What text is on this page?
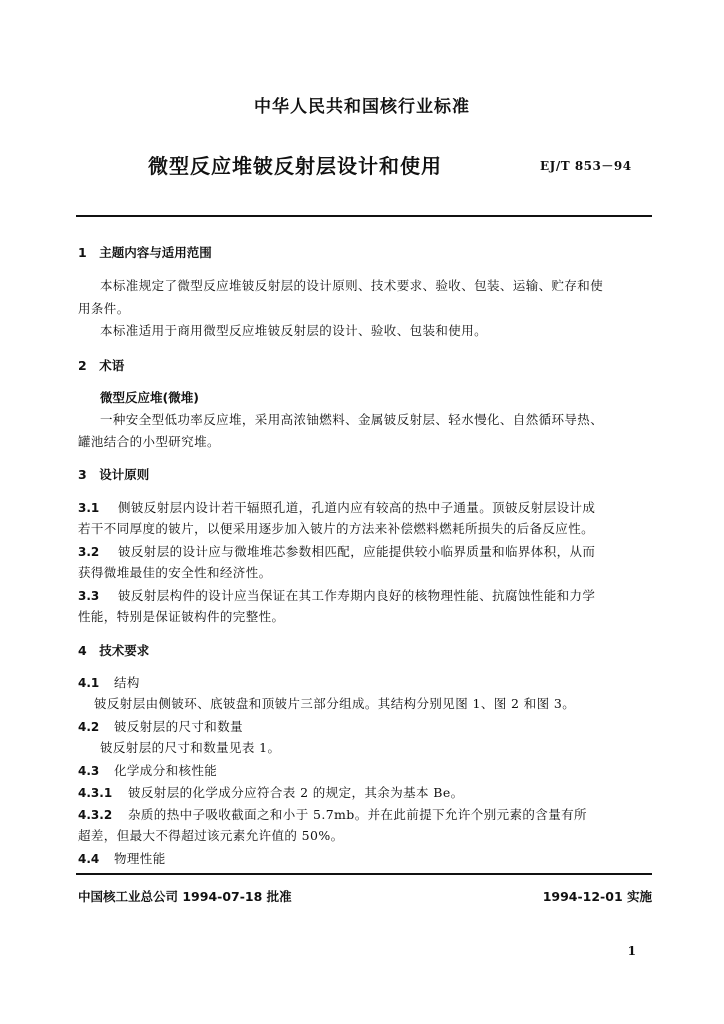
中华人民共和国核行业标准
微型反应堆铍反射层设计和使用	EJ/T 853－94
1　主题内容与适用范围
本标准规定了微型反应堆铍反射层的设计原则、技术要求、验收、包装、运输、贮存和使
用条件。
本标准适用于商用微型反应堆铍反射层的设计、验收、包装和使用。
2　术语
微型反应堆(微堆)
一种安全型低功率反应堆，采用高浓铀燃料、金属铍反射层、轻水慢化、自然循环导热、
罐池结合的小型研究堆。
3　设计原则
3.1 侧铍反射层内设计若干辐照孔道，孔道内应有较高的热中子通量。顶铍反射层设计成
若干不同厚度的铍片，以便采用逐步加入铍片的方法来补偿燃料燃耗所损失的后备反应性。
3.2 铍反射层的设计应与微堆堆芯参数相匹配，应能提供较小临界质量和临界体积，从而
获得微堆最佳的安全性和经济性。
3.3 铍反射层构件的设计应当保证在其工作寿期内良好的核物理性能、抗腐蚀性能和力学
性能，特别是保证铍构件的完整性。
4　技术要求
4.1 结构
铍反射层由侧铍环、底铍盘和顶铍片三部分组成。其结构分别见图 1、图 2 和图 3。
4.2 铍反射层的尺寸和数量
铍反射层的尺寸和数量见表 1。
4.3 化学成分和核性能
4.3.1 铍反射层的化学成分应符合表 2 的规定，其余为基本 Be。
4.3.2 杂质的热中子吸收截面之和小于 5.7mb。并在此前提下允许个别元素的含量有所
超差，但最大不得超过该元素允许值的 50%。
4.4 物理性能
中国核工业总公司 1994-07-18 批准	1994-12-01 实施
1
